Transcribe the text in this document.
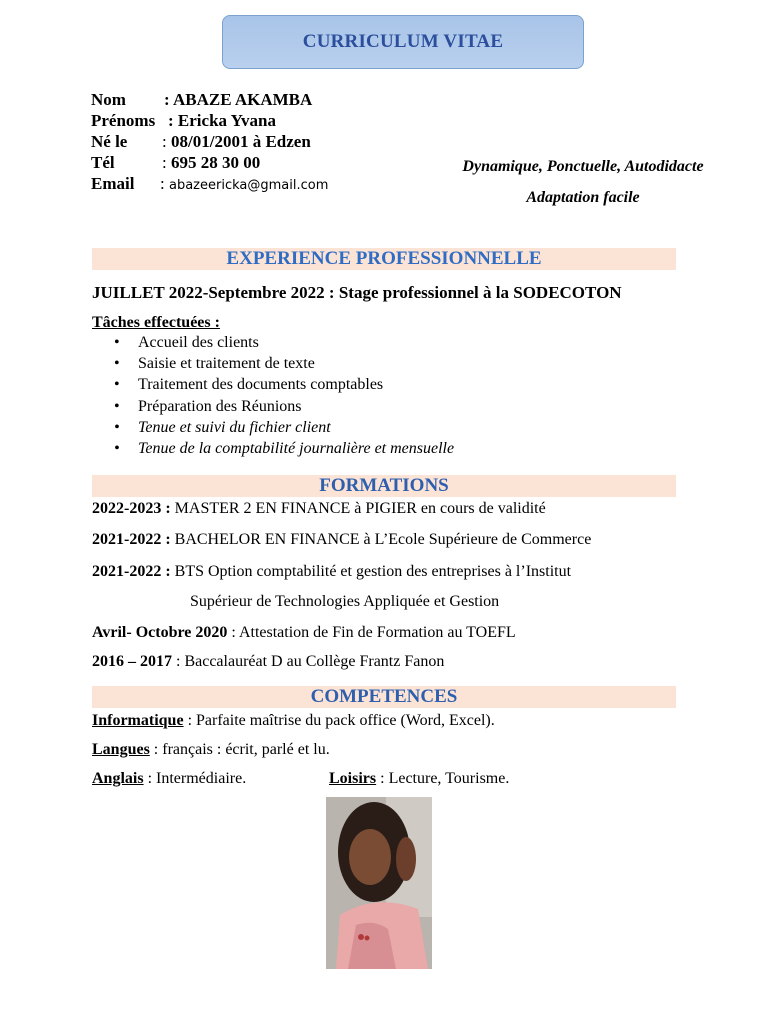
CURRICULUM VITAE
Nom : ABAZE AKAMBA
Prénoms : Ericka Yvana
Né le : 08/01/2001 à Edzen
Tél	: 695 28 30 00
Email : abazeericka@gmail.com
Dynamique, Ponctuelle, Autodidacte
Adaptation facile
EXPERIENCE PROFESSIONNELLE
JUILLET 2022-Septembre 2022 : Stage professionnel à la SODECOTON
Tâches effectuées :
• Accueil des clients
• Saisie et traitement de texte
• Traitement des documents comptables
• Préparation des Réunions
• Tenue et suivi du fichier client
• Tenue de la comptabilité journalière et mensuelle
FORMATIONS
2022-2023 : MASTER 2 EN FINANCE à PIGIER en cours de validité
2021-2022 : BACHELOR EN FINANCE à L’Ecole Supérieure de Commerce
2021-2022 : BTS Option comptabilité et gestion des entreprises à l’Institut
Supérieur de Technologies Appliquée et Gestion
Avril- Octobre 2020 : Attestation de Fin de Formation au TOEFL
2016 – 2017 : Baccalauréat D au Collège Frantz Fanon
COMPETENCES
Informatique : Parfaite maîtrise du pack office (Word, Excel).
Langues : français : écrit, parlé et lu.
Anglais : Intermédiaire.	Loisirs : Lecture, Tourisme.
